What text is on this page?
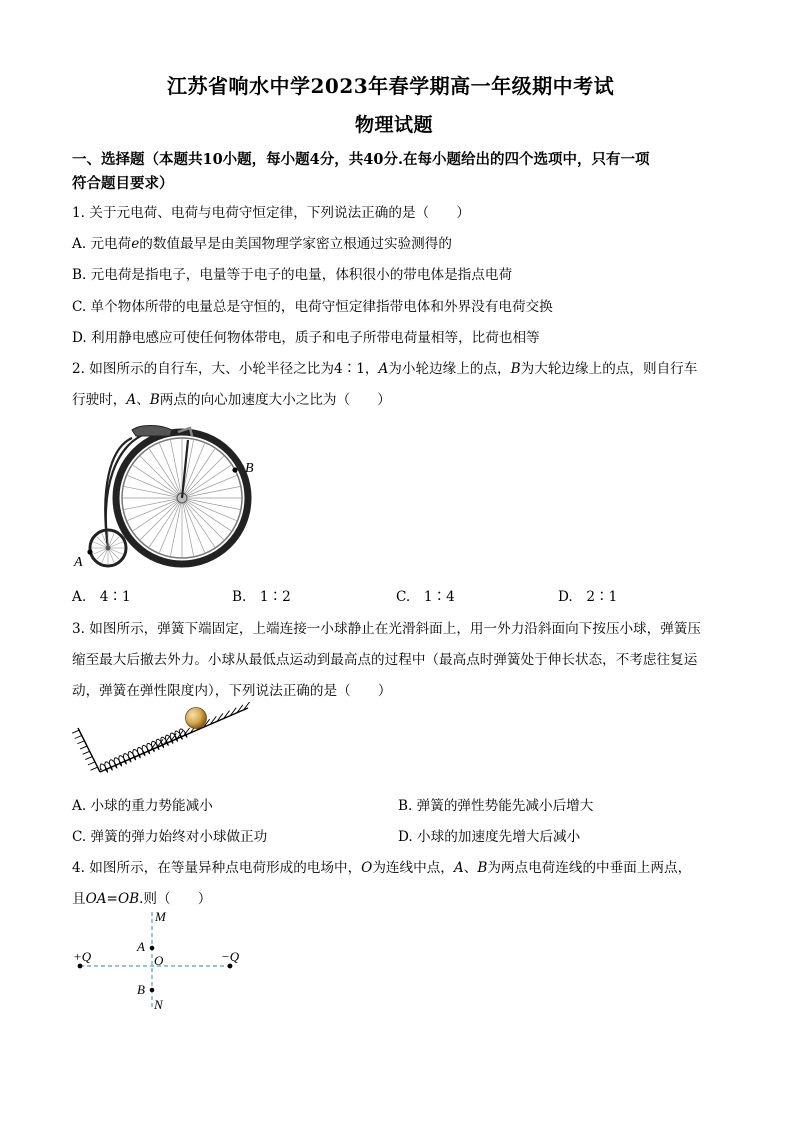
江苏省响水中学2023年春学期高一年级期中考试
物理试题
一、选择题（本题共10小题，每小题4分，共40分.在每小题给出的四个选项中，只有一项
符合题目要求）
1. 关于元电荷、电荷与电荷守恒定律，下列说法正确的是（　　）
A. 元电荷e的数值最早是由美国物理学家密立根通过实验测得的
B. 元电荷是指电子，电量等于电子的电量，体积很小的带电体是指点电荷
C. 单个物体所带的电量总是守恒的，电荷守恒定律指带电体和外界没有电荷交换
D. 利用静电感应可使任何物体带电，质子和电子所带电荷量相等，比荷也相等
2. 如图所示的自行车，大、小轮半径之比为4∶1，A为小轮边缘上的点，B为大轮边缘上的点，则自行车
行驶时，A、B两点的向心加速度大小之比为（　　）
A
B
A.　4∶1	B.　1∶2	C.　1∶4	D.　2∶1
3. 如图所示，弹簧下端固定，上端连接一小球静止在光滑斜面上，用一外力沿斜面向下按压小球，弹簧压
缩至最大后撤去外力。小球从最低点运动到最高点的过程中（最高点时弹簧处于伸长状态，不考虑往复运
动，弹簧在弹性限度内），下列说法正确的是（　　）
A. 小球的重力势能减小	B. 弹簧的弹性势能先减小后增大
C. 弹簧的弹力始终对小球做正功	D. 小球的加速度先增大后减小
4. 如图所示，在等量异种点电荷形成的电场中，O为连线中点，A、B为两点电荷连线的中垂面上两点，
且OA=OB.则（　　）
M
A
O
B
N
+Q	−Q
